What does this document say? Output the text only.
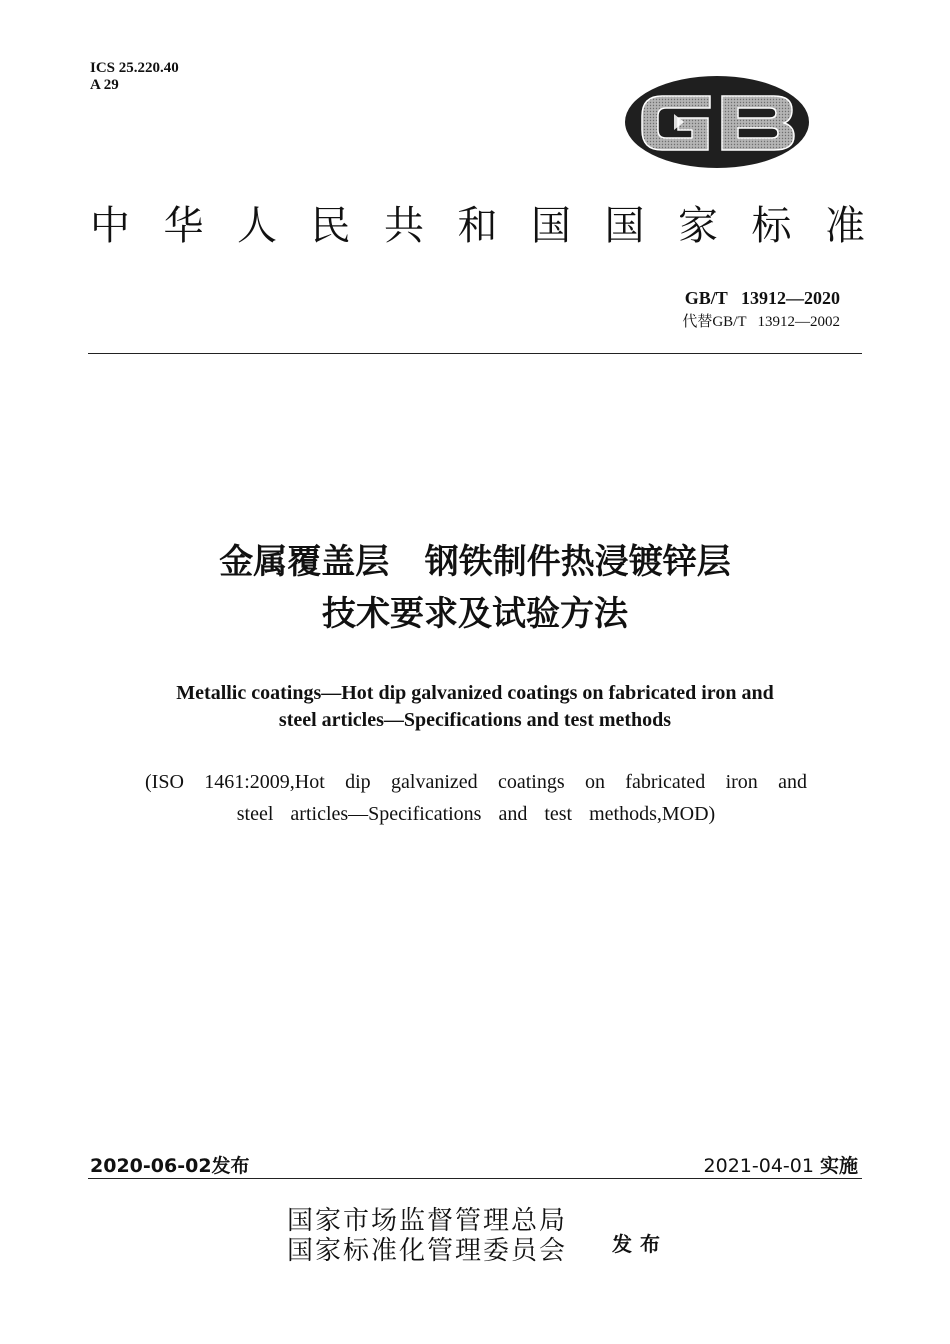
ICS 25.220.40
A 29
中 华 人 民 共 和 国 国 家 标 准
GB/T   13912—2020
代替GB/T   13912—2002
金属覆盖层   钢铁制件热浸镀锌层
技术要求及试验方法
Metallic coatings—Hot dip galvanized coatings on fabricated iron and
steel articles—Specifications and test methods
(ISO 1461:2009,Hot dip galvanized coatings on fabricated iron and
steel articles—Specifications and test methods,MOD)
2020-06-02发布	2021-04-01 实施
国家市场监督管理总局
国家标准化管理委员会 发布
